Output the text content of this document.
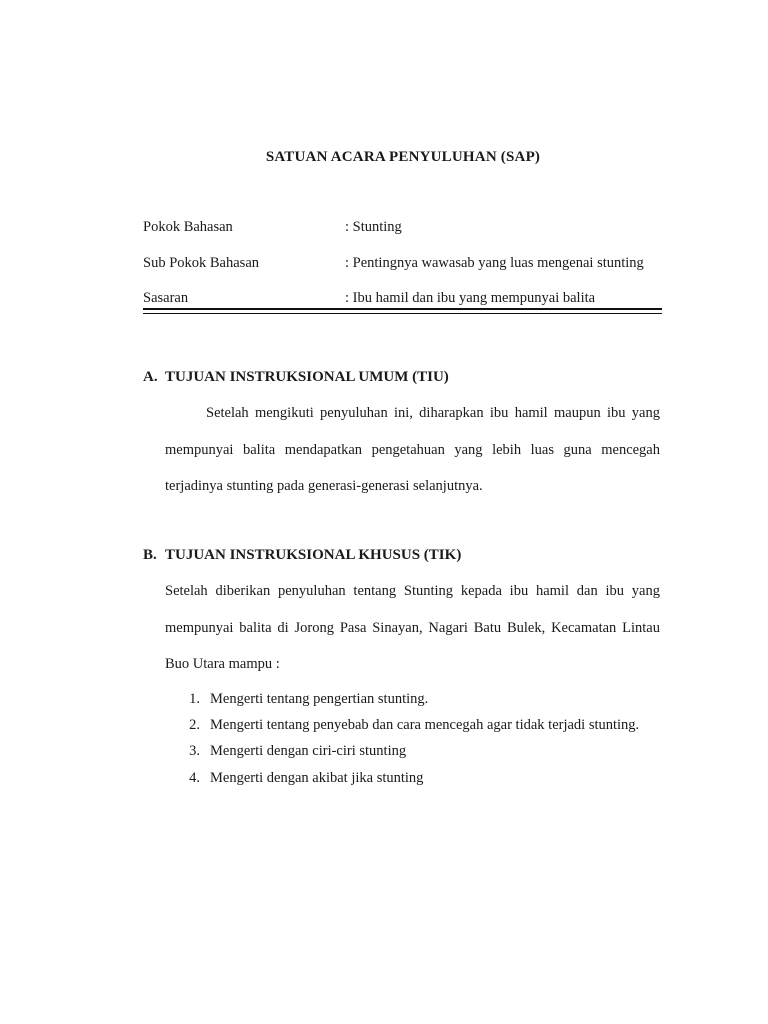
SATUAN ACARA PENYULUHAN (SAP)
Pokok Bahasan	: Stunting
Sub Pokok Bahasan	: Pentingnya wawasab yang luas mengenai stunting
Sasaran	: Ibu hamil dan ibu yang mempunyai balita
A. TUJUAN INSTRUKSIONAL UMUM (TIU)
Setelah mengikuti penyuluhan ini, diharapkan ibu hamil maupun ibu yang
mempunyai balita mendapatkan pengetahuan yang lebih luas guna mencegah
terjadinya stunting pada generasi-generasi selanjutnya.
B. TUJUAN INSTRUKSIONAL KHUSUS (TIK)
Setelah diberikan penyuluhan tentang Stunting kepada ibu hamil dan ibu yang
mempunyai balita di Jorong Pasa Sinayan, Nagari Batu Bulek, Kecamatan Lintau
Buo Utara mampu :
1. Mengerti tentang pengertian stunting.
2. Mengerti tentang penyebab dan cara mencegah agar tidak terjadi stunting.
3. Mengerti dengan ciri-ciri stunting
4. Mengerti dengan akibat jika stunting
